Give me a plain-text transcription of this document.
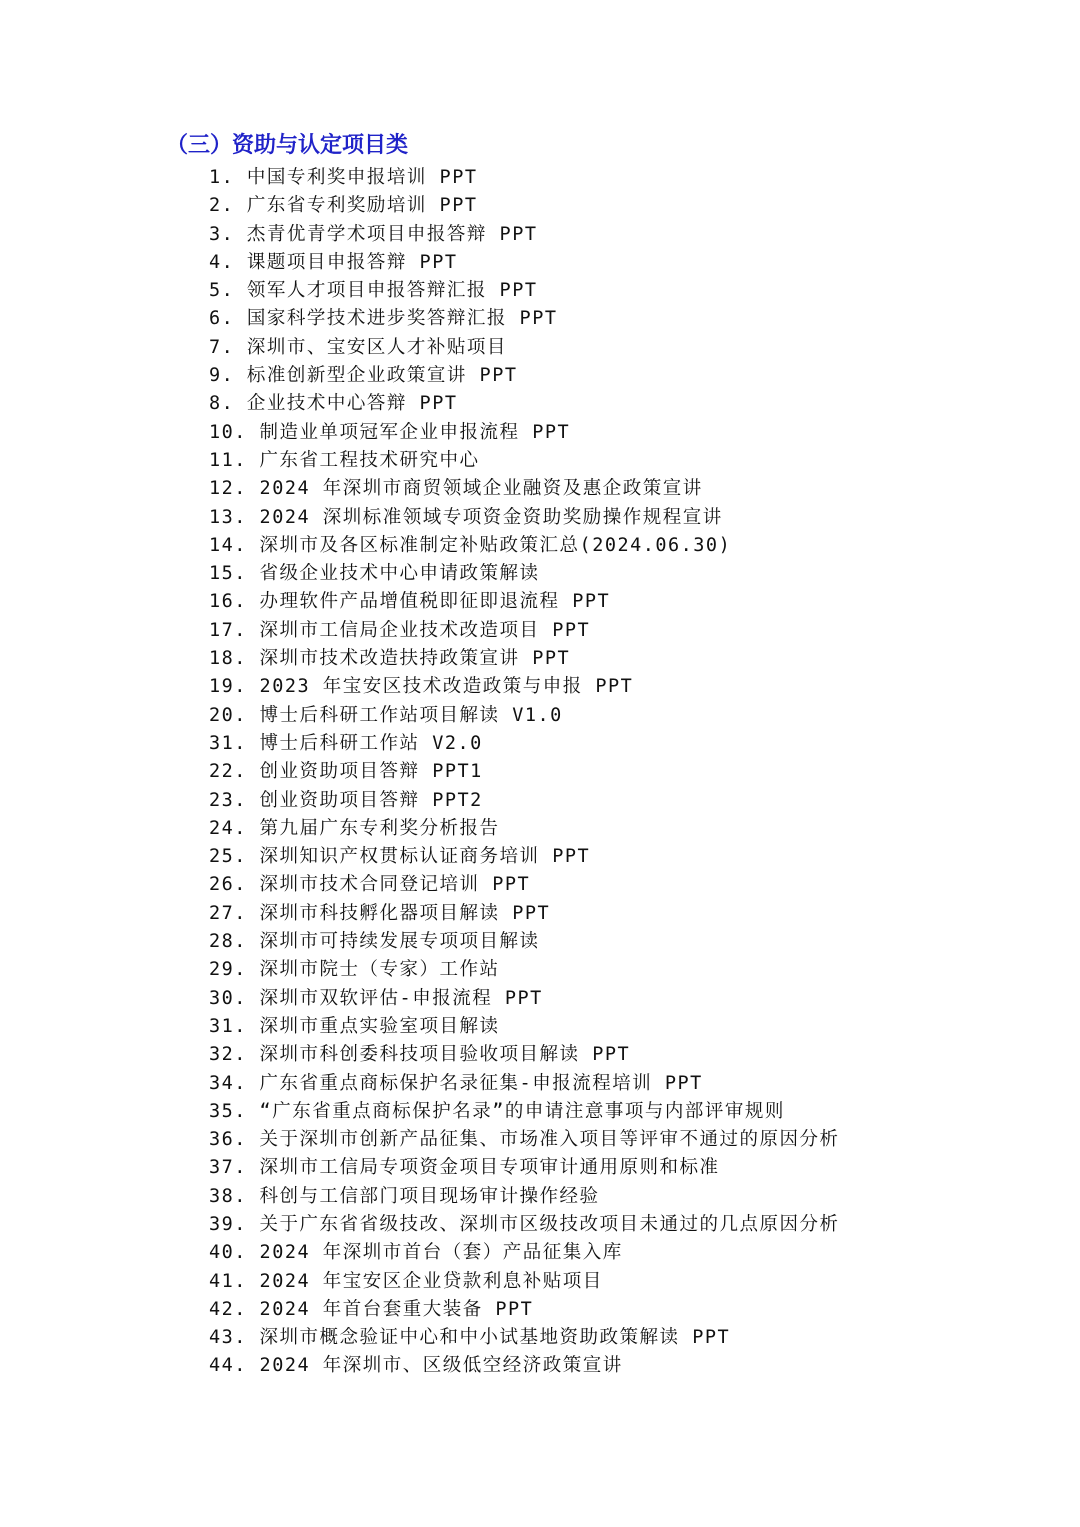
（三）资助与认定项目类
1. 中国专利奖申报培训 PPT
2. 广东省专利奖励培训 PPT
3. 杰青优青学术项目申报答辩 PPT
4. 课题项目申报答辩 PPT
5. 领军人才项目申报答辩汇报 PPT
6. 国家科学技术进步奖答辩汇报 PPT
7. 深圳市、宝安区人才补贴项目
9. 标准创新型企业政策宣讲 PPT
8. 企业技术中心答辩 PPT
10. 制造业单项冠军企业申报流程 PPT
11. 广东省工程技术研究中心
12. 2024 年深圳市商贸领域企业融资及惠企政策宣讲
13. 2024 深圳标准领域专项资金资助奖励操作规程宣讲
14. 深圳市及各区标准制定补贴政策汇总(2024.06.30)
15. 省级企业技术中心申请政策解读
16. 办理软件产品增值税即征即退流程 PPT
17. 深圳市工信局企业技术改造项目 PPT
18. 深圳市技术改造扶持政策宣讲 PPT
19. 2023 年宝安区技术改造政策与申报 PPT
20. 博士后科研工作站项目解读 V1.0
31. 博士后科研工作站 V2.0
22. 创业资助项目答辩 PPT1
23. 创业资助项目答辩 PPT2
24. 第九届广东专利奖分析报告
25. 深圳知识产权贯标认证商务培训 PPT
26. 深圳市技术合同登记培训 PPT
27. 深圳市科技孵化器项目解读 PPT
28. 深圳市可持续发展专项项目解读
29. 深圳市院士（专家）工作站
30. 深圳市双软评估-申报流程 PPT
31. 深圳市重点实验室项目解读
32. 深圳市科创委科技项目验收项目解读 PPT
34. 广东省重点商标保护名录征集-申报流程培训 PPT
35. “广东省重点商标保护名录”的申请注意事项与内部评审规则
36. 关于深圳市创新产品征集、市场准入项目等评审不通过的原因分析
37. 深圳市工信局专项资金项目专项审计通用原则和标准
38. 科创与工信部门项目现场审计操作经验
39. 关于广东省省级技改、深圳市区级技改项目未通过的几点原因分析
40. 2024 年深圳市首台（套）产品征集入库
41. 2024 年宝安区企业贷款利息补贴项目
42. 2024 年首台套重大装备 PPT
43. 深圳市概念验证中心和中小试基地资助政策解读 PPT
44. 2024 年深圳市、区级低空经济政策宣讲
